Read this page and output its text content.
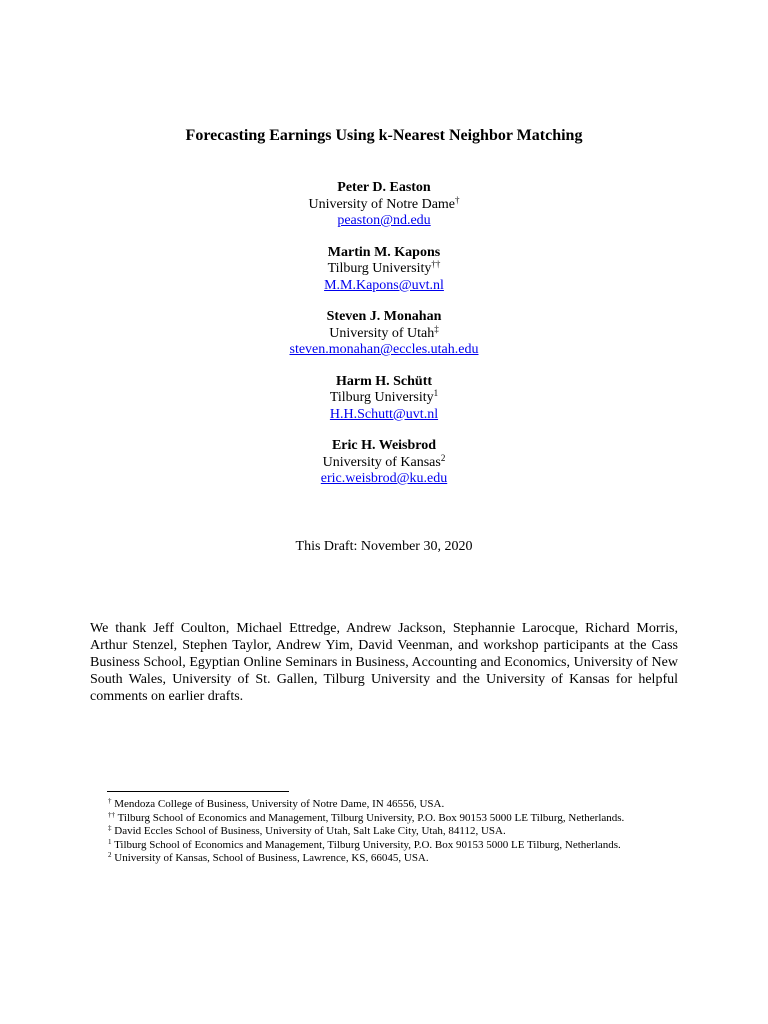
Forecasting Earnings Using k-Nearest Neighbor Matching
Peter D. Easton
University of Notre Dame†
peaston@nd.edu
Martin M. Kapons
Tilburg University††
M.M.Kapons@uvt.nl
Steven J. Monahan
University of Utah‡
steven.monahan@eccles.utah.edu
Harm H. Schütt
Tilburg University$^1$
H.H.Schutt@uvt.nl
Eric H. Weisbrod
University of Kansas$^2$
eric.weisbrod@ku.edu
This Draft: November 30, 2020

We thank Jeff Coulton, Michael Ettredge, Andrew Jackson, Stephannie Larocque, Richard Morris, Arthur Stenzel, Stephen Taylor, Andrew Yim, David Veenman, and workshop participants at the Cass Business School, Egyptian Online Seminars in Business, Accounting and Economics, University of New South Wales, University of St. Gallen, Tilburg University and the University of Kansas for helpful comments on earlier drafts.

† Mendoza College of Business, University of Notre Dame, IN 46556, USA.

†† Tilburg School of Economics and Management, Tilburg University, P.O. Box 90153 5000 LE Tilburg, Netherlands.

‡ David Eccles School of Business, University of Utah, Salt Lake City, Utah, 84112, USA.

$^1$ Tilburg School of Economics and Management, Tilburg University, P.O. Box 90153 5000 LE Tilburg, Netherlands.

$^2$ University of Kansas, School of Business, Lawrence, KS, 66045, USA.
